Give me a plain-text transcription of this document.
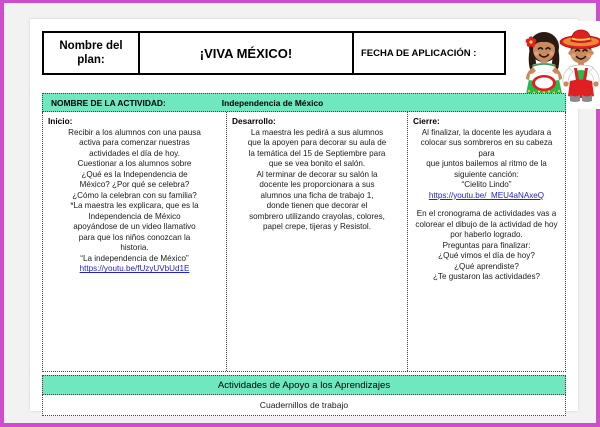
Nombre del plan:	¡VIVA MÉXICO!	FECHA DE APLICACIÓN :
NOMBRE DE LA ACTIVIDAD:	Independencia de México
Inicio:

Recibir a los alumnos con una pausa

activa para comenzar nuestras

actividades el día de hoy.

Cuestionar a los alumnos sobre

¿Qué es la Independencia de

México? ¿Por qué se celebra?

¿Cómo la celebran con su familia?

*La maestra les explicara, que es la

Independencia de México

apoyándose de un video llamativo

para que los niños conozcan la

historia.

“La independencia de México”

https://youtu.be/fUzyUVbUd1E

Desarrollo:

La maestra les pedirá a sus alumnos

que la apoyen para decorar su aula de

la temática del 15 de Septiembre para

que se vea bonito el salón.

Al terminar de decorar su salón la

docente les proporcionara a sus

alumnos una ficha de trabajo 1,

donde tienen que decorar el

sombrero utilizando crayolas, colores,

papel crepe, tijeras y Resistol.

Cierre:

Al finalizar, la docente les ayudara a

colocar sus sombreros en su cabeza para

que juntos bailemos al ritmo de la

siguiente canción:

“Cielito Lindo”

https://youtu.be/_MEU4aNAxeQ

En el cronograma de actividades vas a

colorear el dibujo de la actividad de hoy

por haberlo logrado.

Preguntas para finalizar:

¿Qué vimos el día de hoy?

¿Qué aprendiste?

¿Te gustaron las actividades?

Actividades de Apoyo a los Aprendizajes
Cuadernillos de trabajo
